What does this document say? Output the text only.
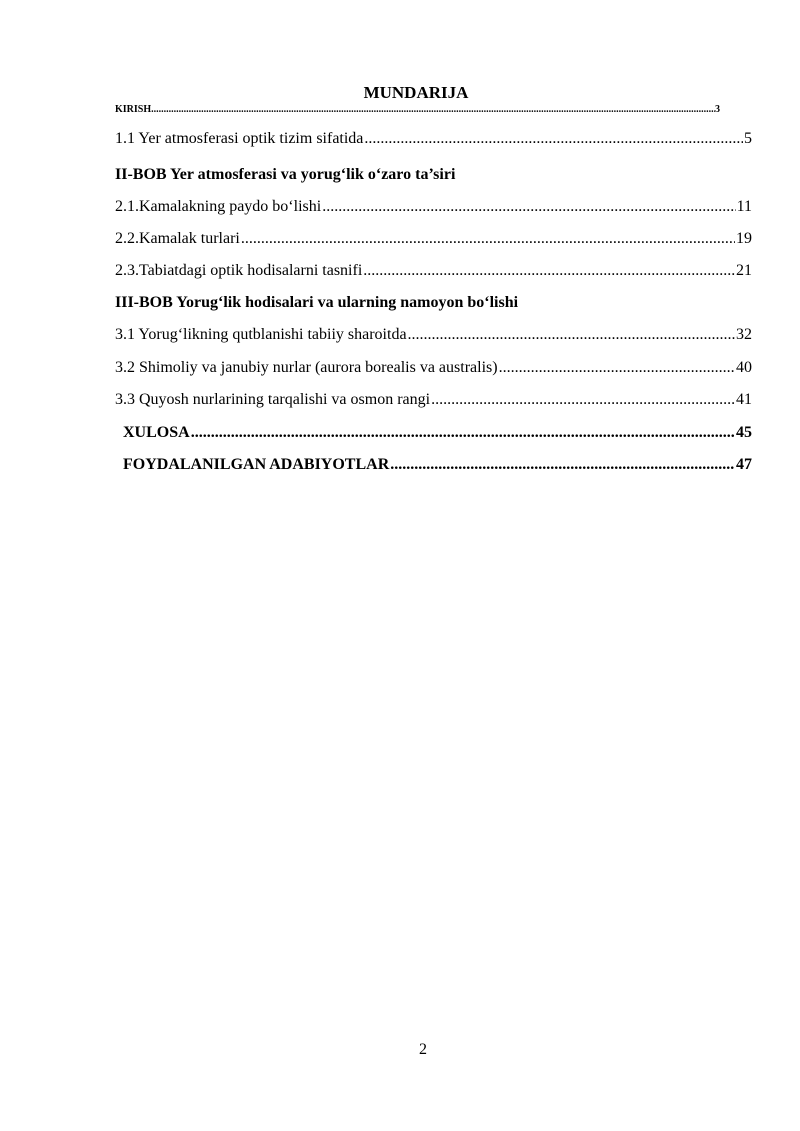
MUNDARIJA
KIRISH .....	3
1.1 Yer atmosferasi optik tizim sifatida .....	5
II-BOB Yer atmosferasi va yorug‘lik o‘zaro ta’siri
2.1. Kamalakning paydo bo‘lishi .....	11
2.2. Kamalak turlari .....	19
2.3. Tabiatdagi optik hodisalarni tasnifi .....	21
III-BOB Yorug‘lik hodisalari va ularning namoyon bo‘lishi
3.1 Yorug‘likning qutblanishi tabiiy sharoitda .....	32
3.2 Shimoliy va janubiy nurlar (aurora borealis va australis) .....	40
3.3 Quyosh nurlarining tarqalishi va osmon rangi .....	41
XULOSA .....	45
FOYDALANILGAN ADABIYOTLAR .....	47
2
